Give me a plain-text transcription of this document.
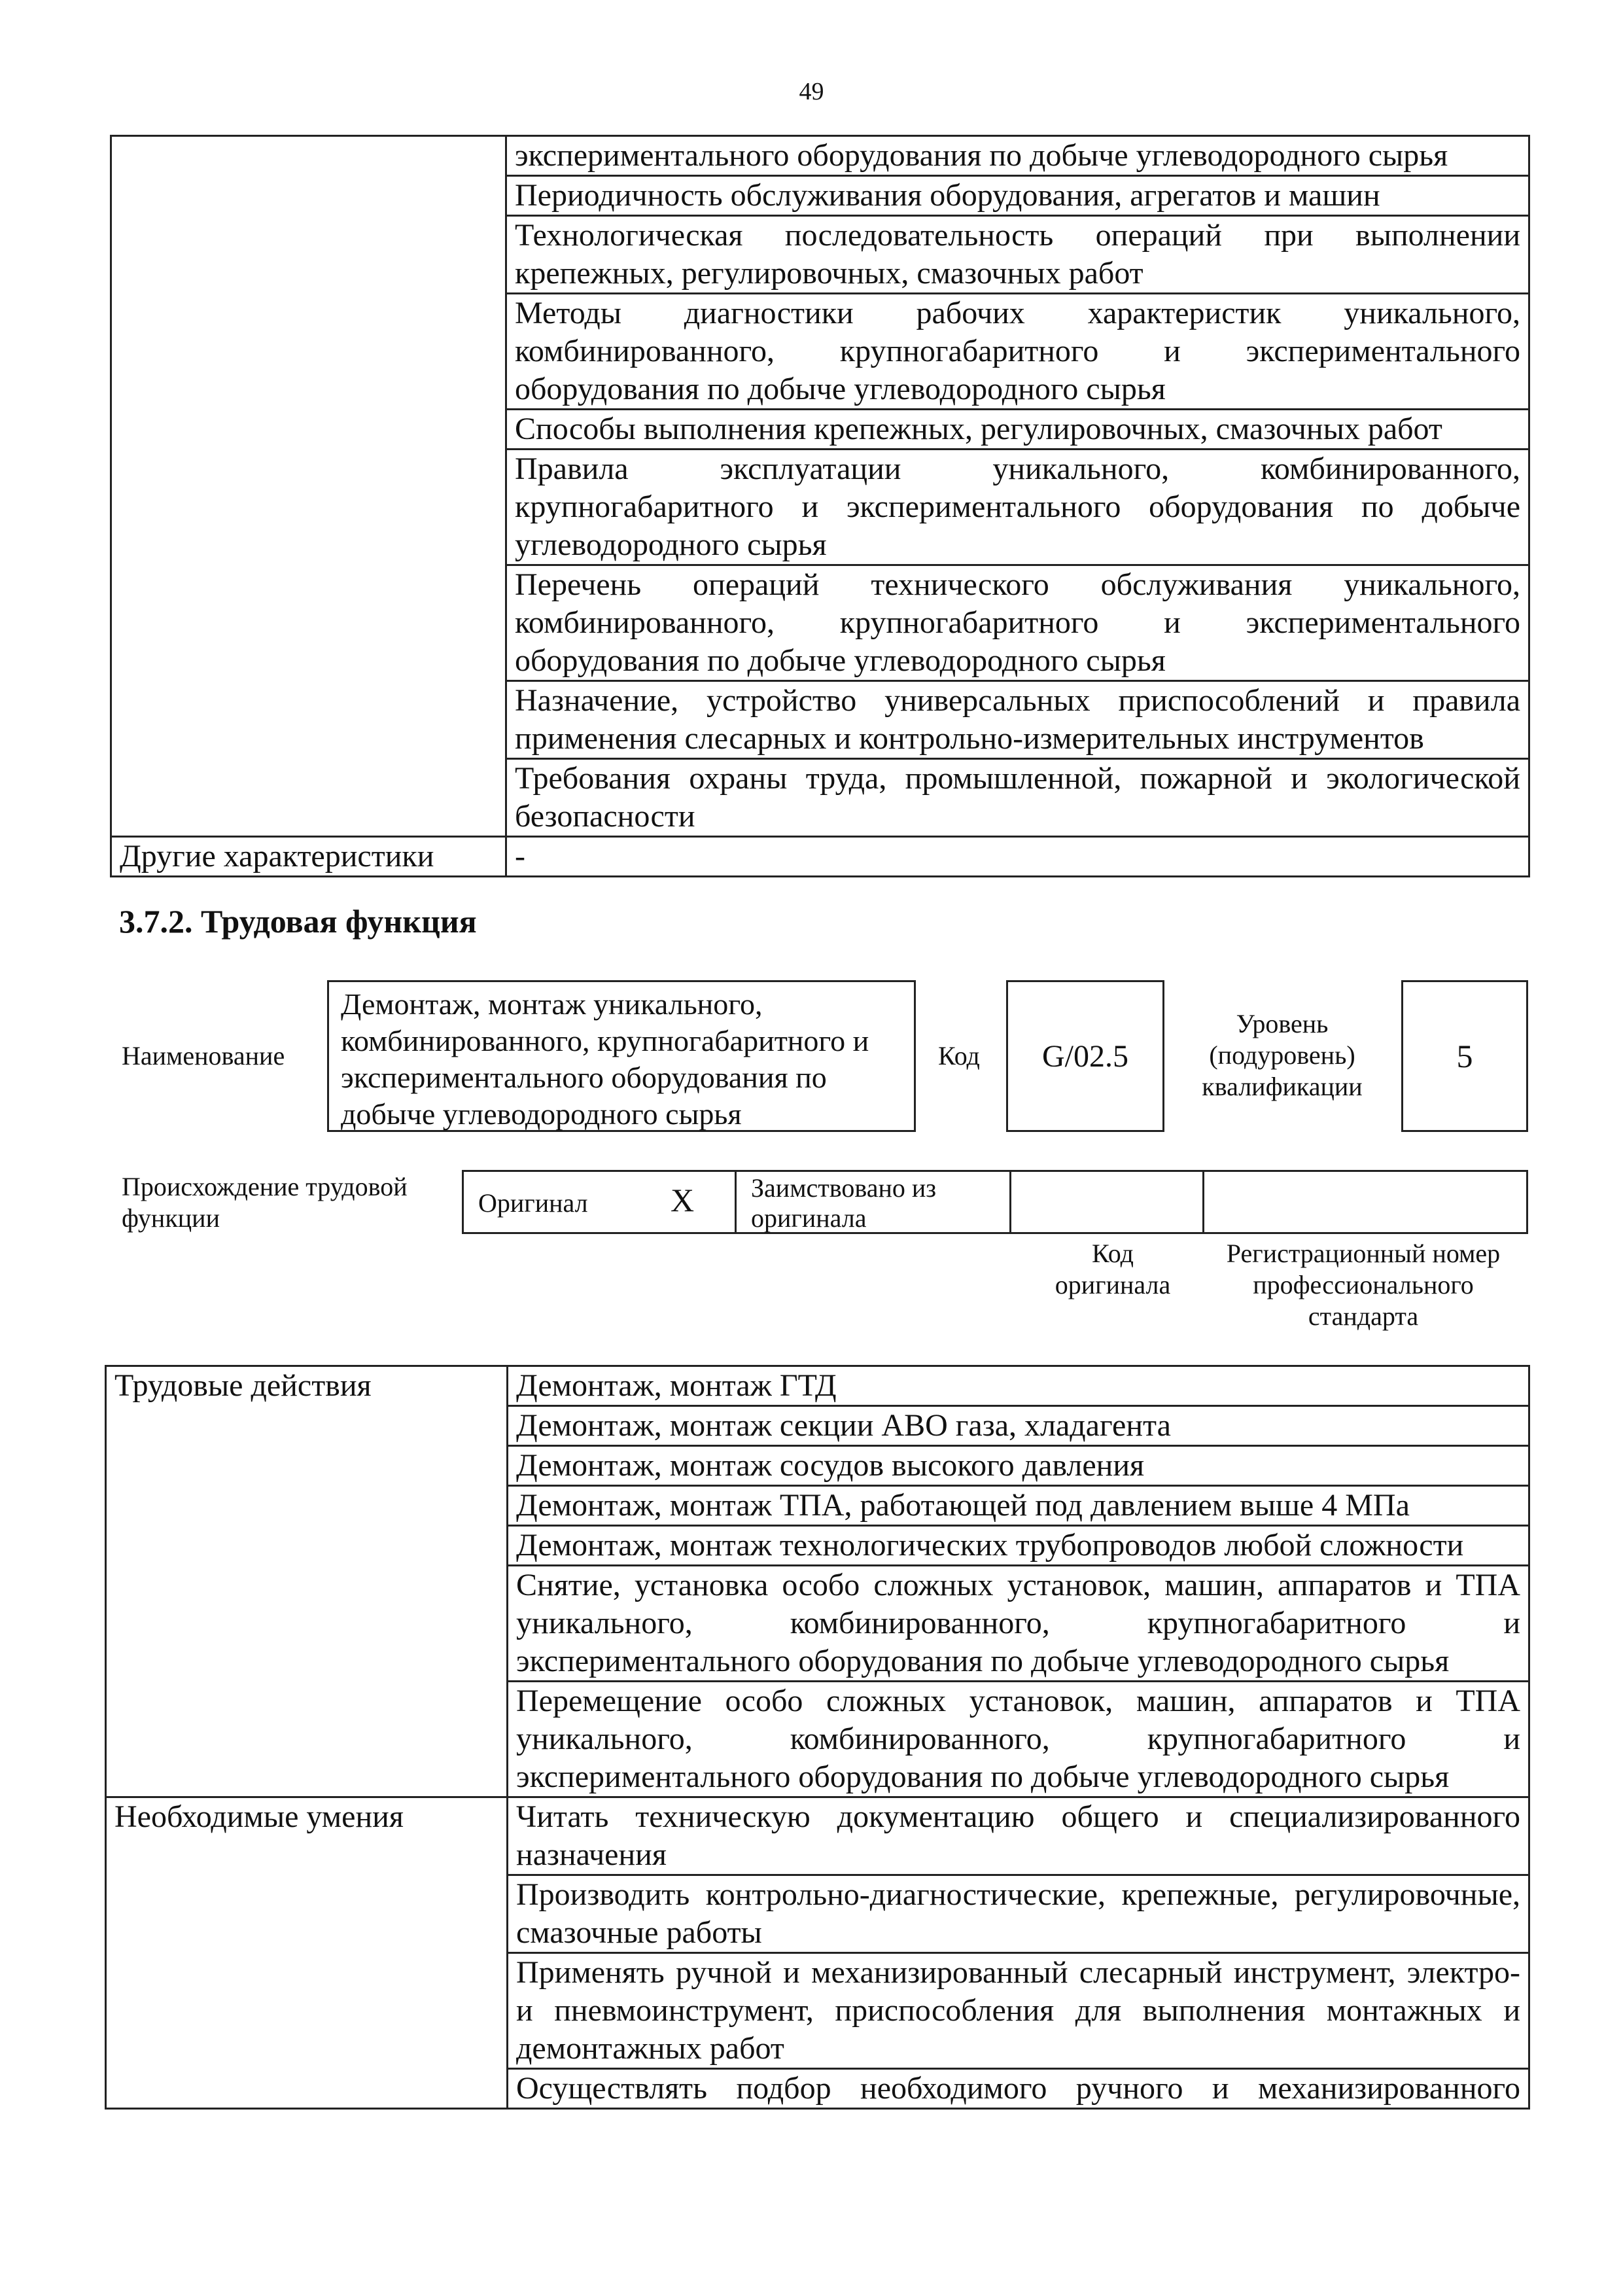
49
	экспериментального оборудования по добыче углеводородного сырья
	Периодичность обслуживания оборудования, агрегатов и машин
	Технологическая последовательность операций при выполнении крепежных, регулировочных, смазочных работ
	Методы диагностики рабочих характеристик уникального, комбинированного, крупногабаритного и экспериментального оборудования по добыче углеводородного сырья
	Способы выполнения крепежных, регулировочных, смазочных работ
	Правила эксплуатации уникального, комбинированного, крупногабаритного и экспериментального оборудования по добыче углеводородного сырья
	Перечень операций технического обслуживания уникального, комбинированного, крупногабаритного и экспериментального оборудования по добыче углеводородного сырья
	Назначение, устройство универсальных приспособлений и правила применения слесарных и контрольно-измерительных инструментов
	Требования охраны труда, промышленной, пожарной и экологической безопасности
Другие характеристики	-
3.7.2. Трудовая функция
Наименование
Демонтаж, монтаж уникального, комбинированного, крупногабаритного и экспериментального оборудования по добыче углеводородного сырья
Код G/02.5
Уровень (подуровень) квалификации
5
Происхождение трудовой функции
Оригинал	X Заимствовано из оригинала
Код оригинала
Регистрационный номер профессионального стандарта
Трудовые действия	Демонтаж, монтаж ГТД
	Демонтаж, монтаж секции АВО газа, хладагента
	Демонтаж, монтаж сосудов высокого давления
	Демонтаж, монтаж ТПА, работающей под давлением выше 4 МПа
	Демонтаж, монтаж технологических трубопроводов любой сложности
	Снятие, установка особо сложных установок, машин, аппаратов и ТПА уникального, комбинированного, крупногабаритного и экспериментального оборудования по добыче углеводородного сырья
	Перемещение особо сложных установок, машин, аппаратов и ТПА уникального, комбинированного, крупногабаритного и экспериментального оборудования по добыче углеводородного сырья
Необходимые умения	Читать техническую документацию общего и специализированного назначения
	Производить контрольно-диагностические, крепежные, регулировочные, смазочные работы
	Применять ручной и механизированный слесарный инструмент, электро- и пневмоинструмент, приспособления для выполнения монтажных и демонтажных работ
	Осуществлять подбор необходимого ручного и механизированного
